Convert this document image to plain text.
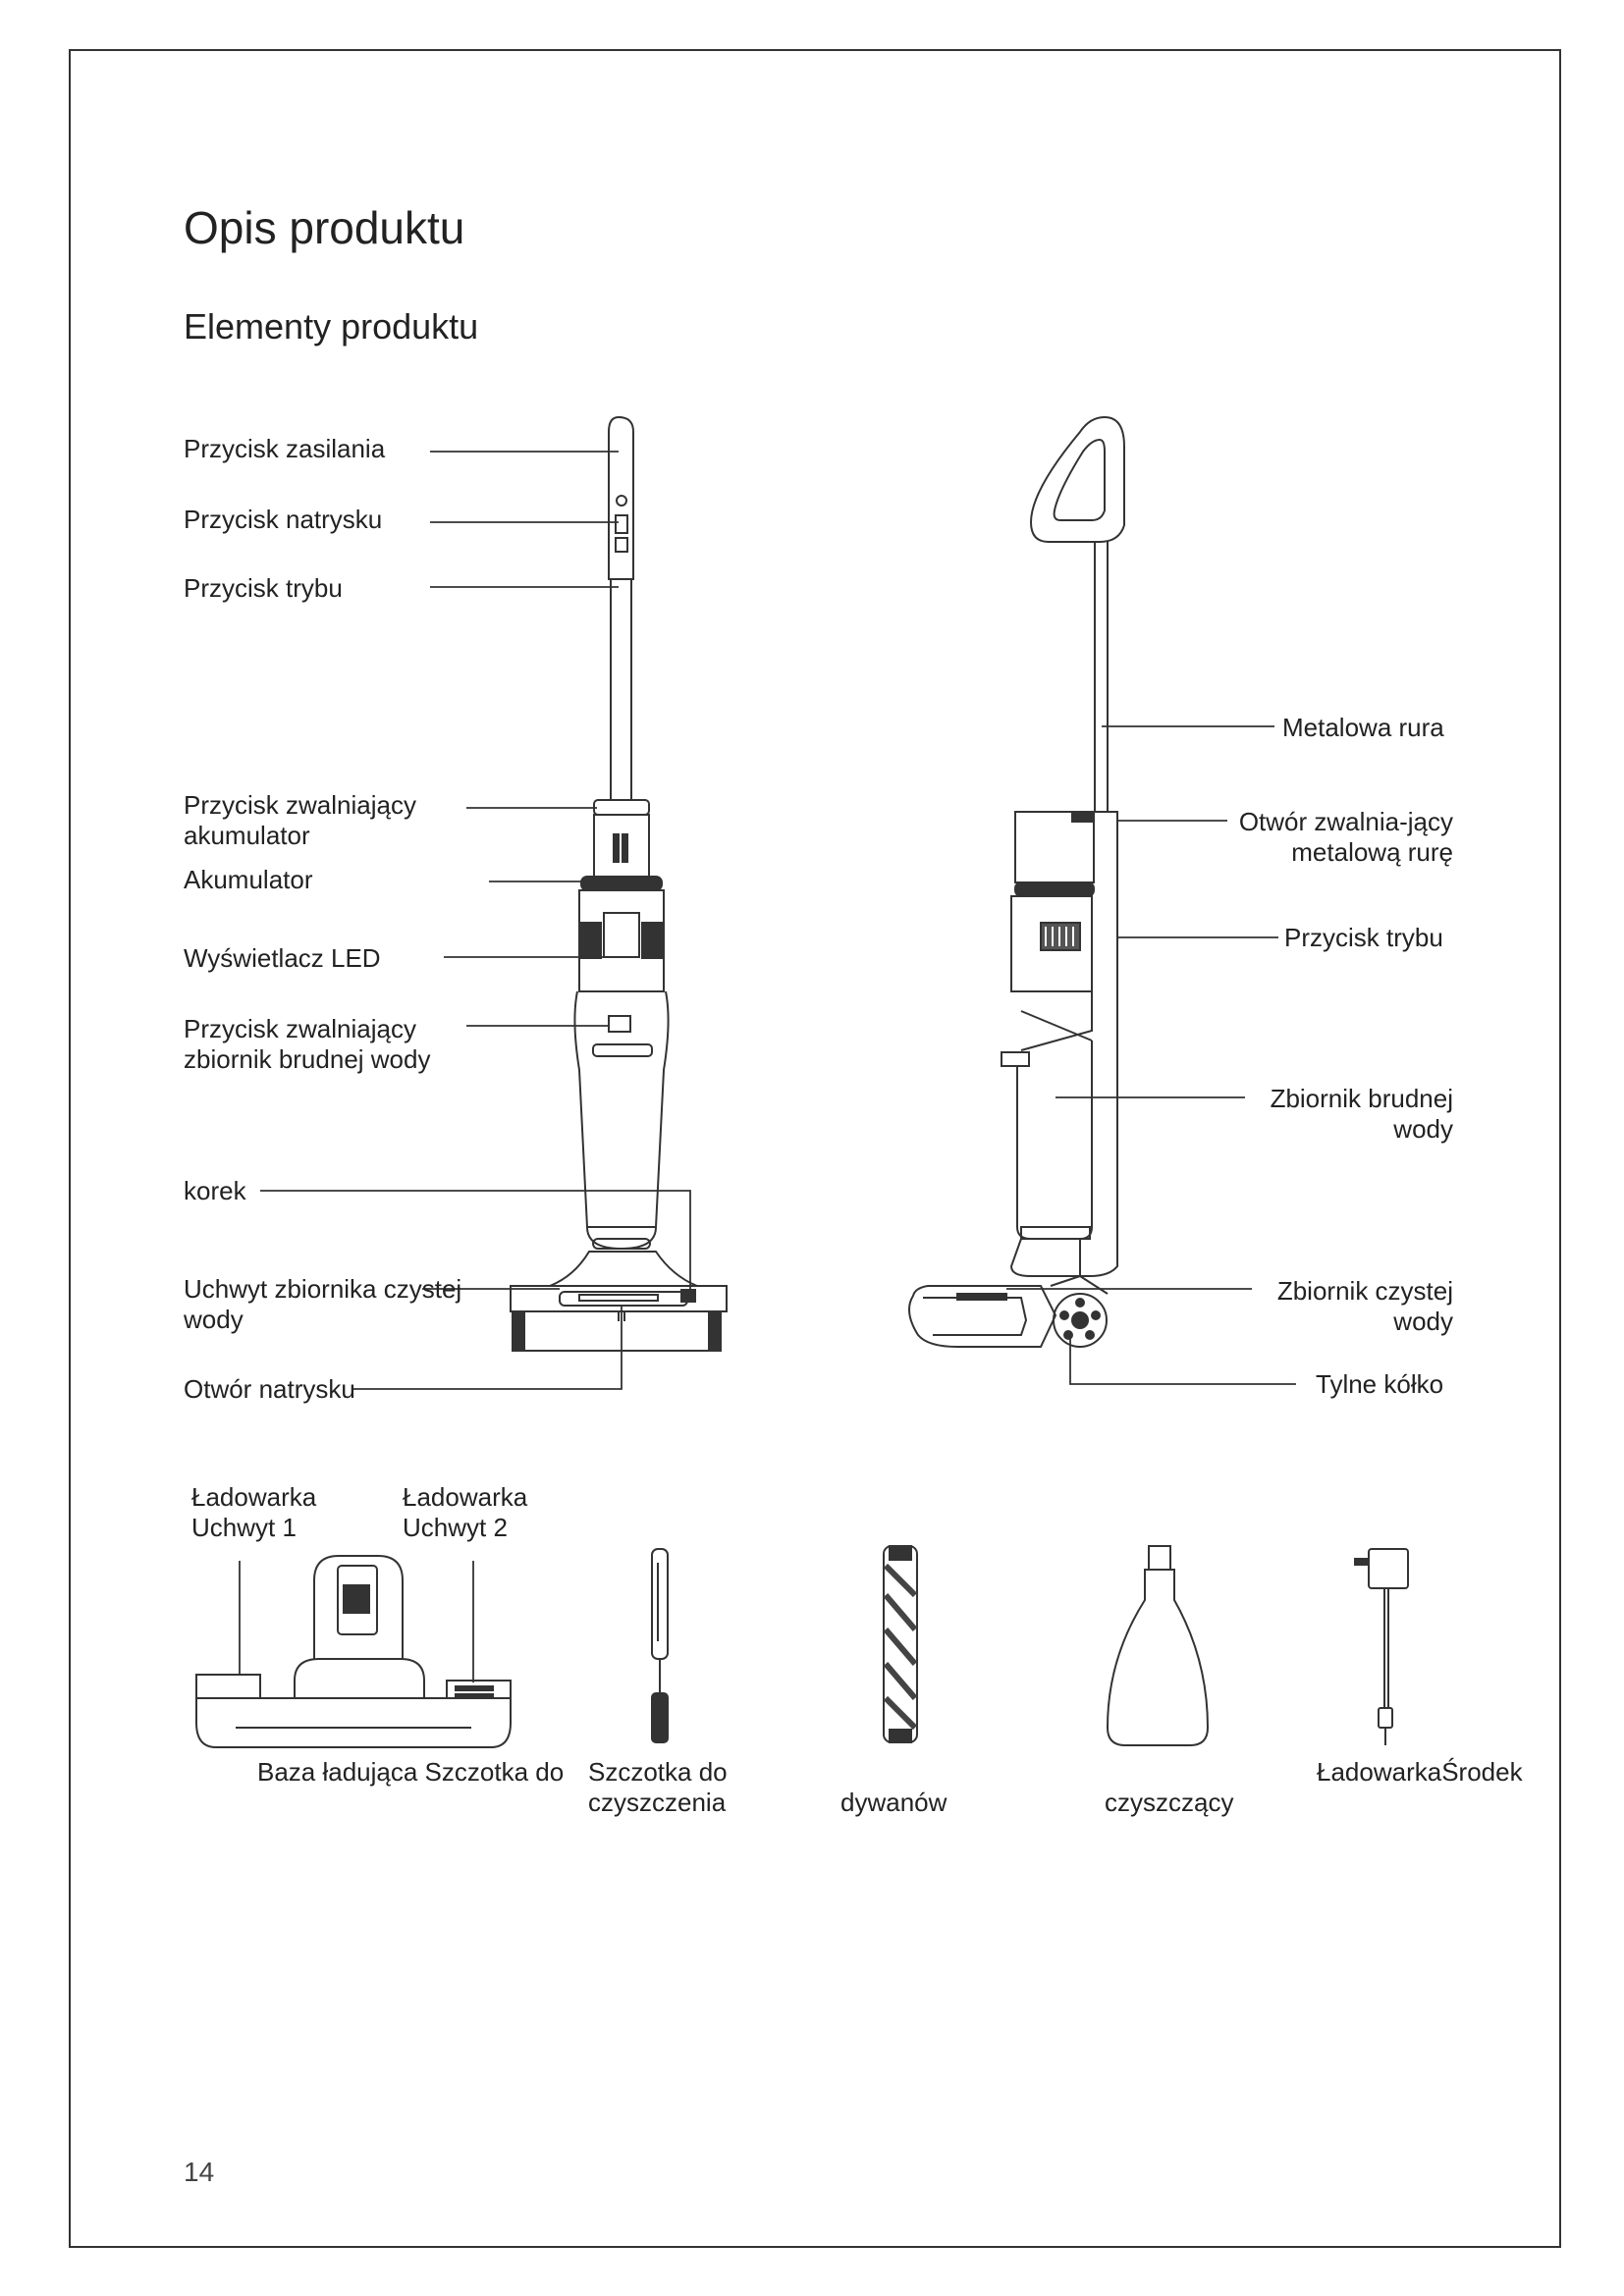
Opis produktu
Elementy produktu
Przycisk zasilania
Przycisk natrysku
Przycisk trybu
Przycisk zwalniający
akumulator
Akumulator
Wyświetlacz LED
Przycisk zwalniający
zbiornik brudnej wody
korek
Uchwyt zbiornika czystej
wody
Otwór natrysku
Metalowa rura
Otwór zwalnia-jący
metalową rurę
Przycisk trybu
Zbiornik brudnej
wody
Zbiornik czystej
wody
Tylne kółko
Ładowarka
Uchwyt 1
Ładowarka
Uchwyt 2
Baza ładująca Szczotka do Szczotka do
czyszczenia	dywanów	czyszczący
ŁadowarkaŚrodek
14
